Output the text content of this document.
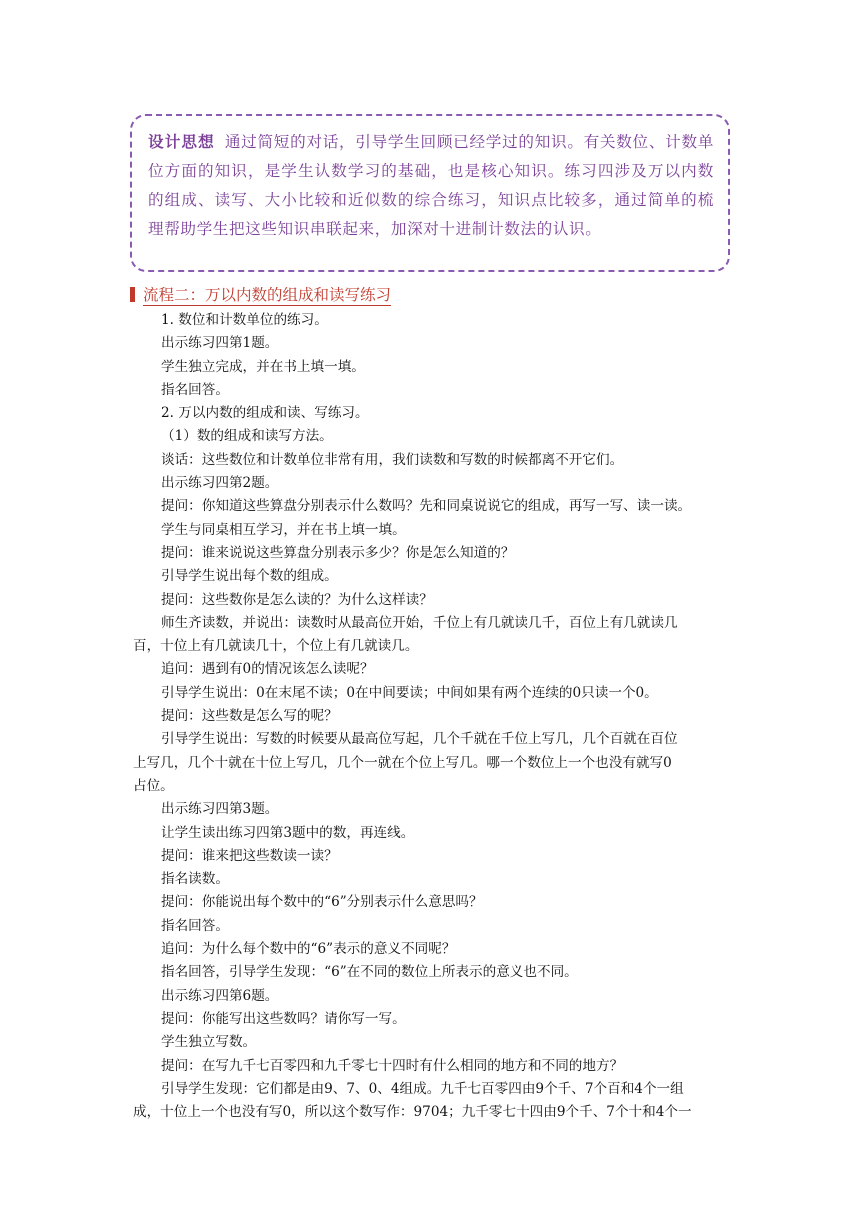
设计思想 通过简短的对话，引导学生回顾已经学过的知识。有关数位、计数单位方面的知识，是学生认数学习的基础，也是核心知识。练习四涉及万以内数的组成、读写、大小比较和近似数的综合练习，知识点比较多，通过简单的梳理帮助学生把这些知识串联起来，加深对十进制计数法的认识。

流程二：万以内数的组成和读写练习

1. 数位和计数单位的练习。

出示练习四第1题。

学生独立完成，并在书上填一填。

指名回答。

2. 万以内数的组成和读、写练习。

（1）数的组成和读写方法。

谈话：这些数位和计数单位非常有用，我们读数和写数的时候都离不开它们。

出示练习四第2题。

提问：你知道这些算盘分别表示什么数吗？先和同桌说说它的组成，再写一写、读一读。

学生与同桌相互学习，并在书上填一填。

提问：谁来说说这些算盘分别表示多少？你是怎么知道的？

引导学生说出每个数的组成。

提问：这些数你是怎么读的？为什么这样读？

师生齐读数，并说出：读数时从最高位开始，千位上有几就读几千，百位上有几就读几

百，十位上有几就读几十，个位上有几就读几。

追问：遇到有0的情况该怎么读呢？

引导学生说出：0在末尾不读；0在中间要读；中间如果有两个连续的0只读一个0。

提问：这些数是怎么写的呢？

引导学生说出：写数的时候要从最高位写起，几个千就在千位上写几，几个百就在百位

上写几，几个十就在十位上写几，几个一就在个位上写几。哪一个数位上一个也没有就写0

占位。

出示练习四第3题。

让学生读出练习四第3题中的数，再连线。

提问：谁来把这些数读一读？

指名读数。

提问：你能说出每个数中的“6”分别表示什么意思吗？

指名回答。

追问：为什么每个数中的“6”表示的意义不同呢？

指名回答，引导学生发现：“6”在不同的数位上所表示的意义也不同。

出示练习四第6题。

提问：你能写出这些数吗？请你写一写。

学生独立写数。

提问：在写九千七百零四和九千零七十四时有什么相同的地方和不同的地方？

引导学生发现：它们都是由9、7、0、4组成。九千七百零四由9个千、7个百和4个一组

成，十位上一个也没有写0，所以这个数写作：9704；九千零七十四由9个千、7个十和4个一
